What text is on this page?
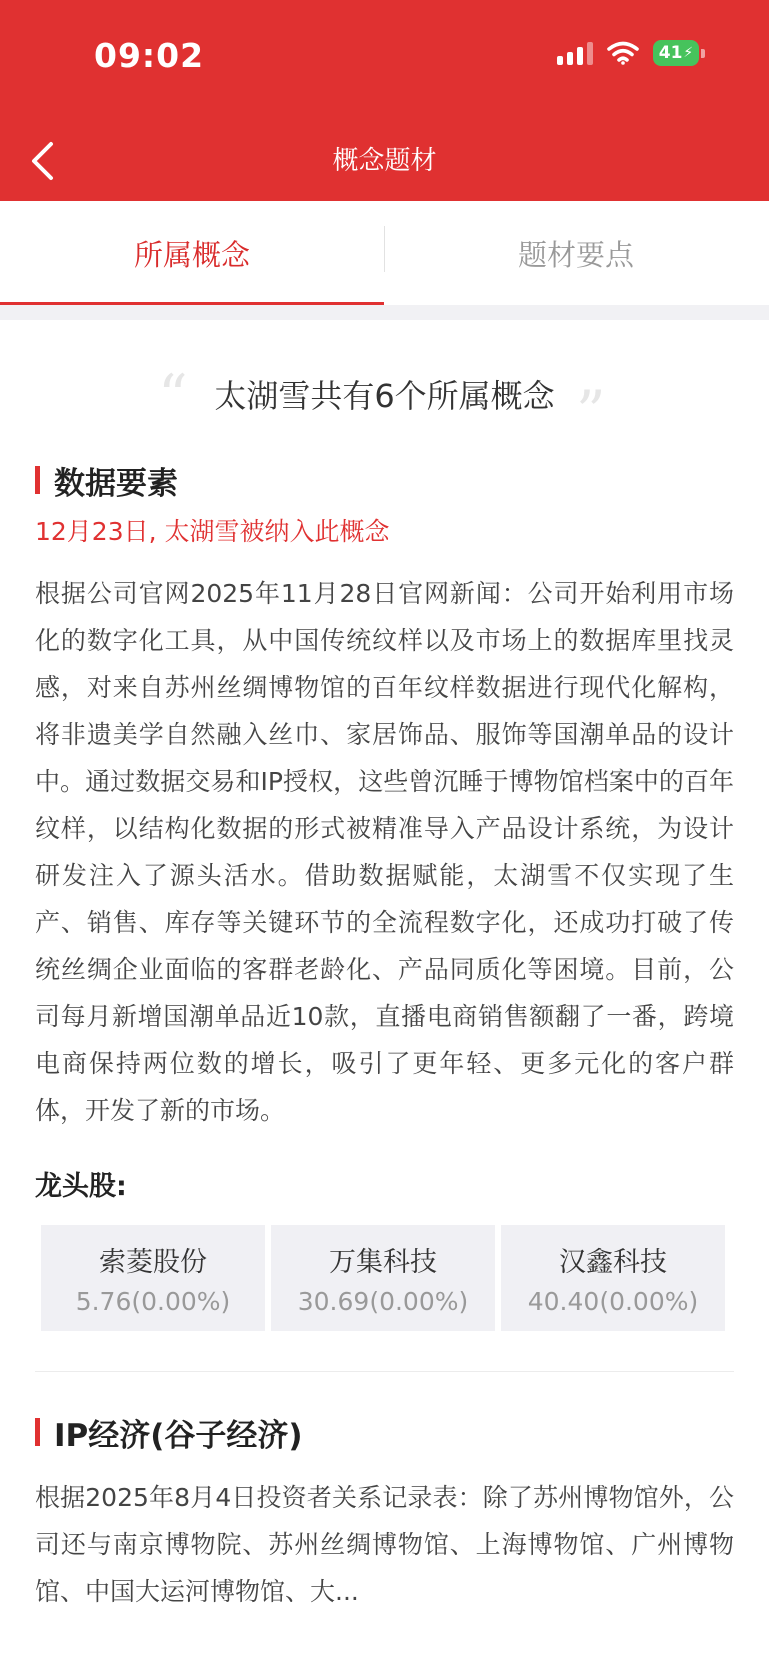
09:02	41 ⚡
概念题材
所属概念	题材要点
“ 太湖雪共有6个所属概念 ”
数据要素
12月23日, 太湖雪被纳入此概念
根据公司官网2025年11月28日官网新闻：公司开始利用市场化的数字化工具，从中国传统纹样以及市场上的数据库里找灵感，对来自苏州丝绸博物馆的百年纹样数据进行现代化解构，将非遗美学自然融入丝巾、家居饰品、服饰等国潮单品的设计中。通过数据交易和IP授权，这些曾沉睡于博物馆档案中的百年纹样，以结构化数据的形式被精准导入产品设计系统，为设计研发注入了源头活水。借助数据赋能，太湖雪不仅实现了生产、销售、库存等关键环节的全流程数字化，还成功打破了传统丝绸企业面临的客群老龄化、产品同质化等困境。目前，公司每月新增国潮单品近10款，直播电商销售额翻了一番，跨境电商保持两位数的增长，吸引了更年轻、更多元化的客户群体，开发了新的市场。
龙头股:
索菱股份
5.76(0.00%)
万集科技
30.69(0.00%)
汉鑫科技
40.40(0.00%)
IP经济(谷子经济)
根据2025年8月4日投资者关系记录表：除了苏州博物馆外，公司还与南京博物院、苏州丝绸博物馆、上海博物馆、广州博物馆、中国大运河博物馆、大...
